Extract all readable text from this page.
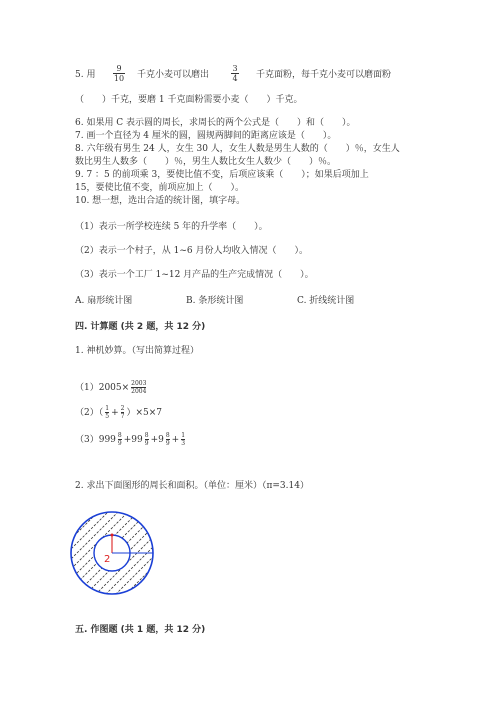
5. 用 $\frac{9}{10}$ 千克小麦可以磨出	$\frac{3}{4}$ 千克面粉，每千克小麦可以磨面粉
（　　）千克，要磨 1 千克面粉需要小麦（　　）千克。
6. 如果用 C 表示圆的周长，求周长的两个公式是（　　）和（　　）。
7. 画一个直径为 4 厘米的圆，圆规两脚间的距离应该是（　　）。
8. 六年级有男生 24 人，女生 30 人，女生人数是男生人数的（　　）％，女生人
数比男生人数多（　　）％，男生人数比女生人数少（　　）％。
9. 7 ：5 的前项乘 3，要使比值不变，后项应该乘（　　）；如果后项加上
15，要使比值不变，前项应加上（　　）。
10. 想一想，选出合适的统计图，填字母。
（1）表示一所学校连续 5 年的升学率（　　）。
（2）表示一个村子，从 1~6 月份人均收入情况（　　）。
（3）表示一个工厂 1~12 月产品的生产完成情况（　　）。
A. 扇形统计图	B. 条形统计图	C. 折线统计图
四. 计算题 (共 2 题，共 12 分)
1. 神机妙算。（写出简算过程）
$(1)2005\times \frac{2003}{2004}$
$(2)( \frac{1}{5} + \frac{2}{7} )\times 5\times 7$
$(3)999 \frac{8}{9} +99 \frac{8}{9} +9 \frac{8}{9} + \frac{1}{3}$
2. 求出下面图形的周长和面积。（单位：厘米）（π=3.14）
2
五. 作图题 (共 1 题，共 12 分)
